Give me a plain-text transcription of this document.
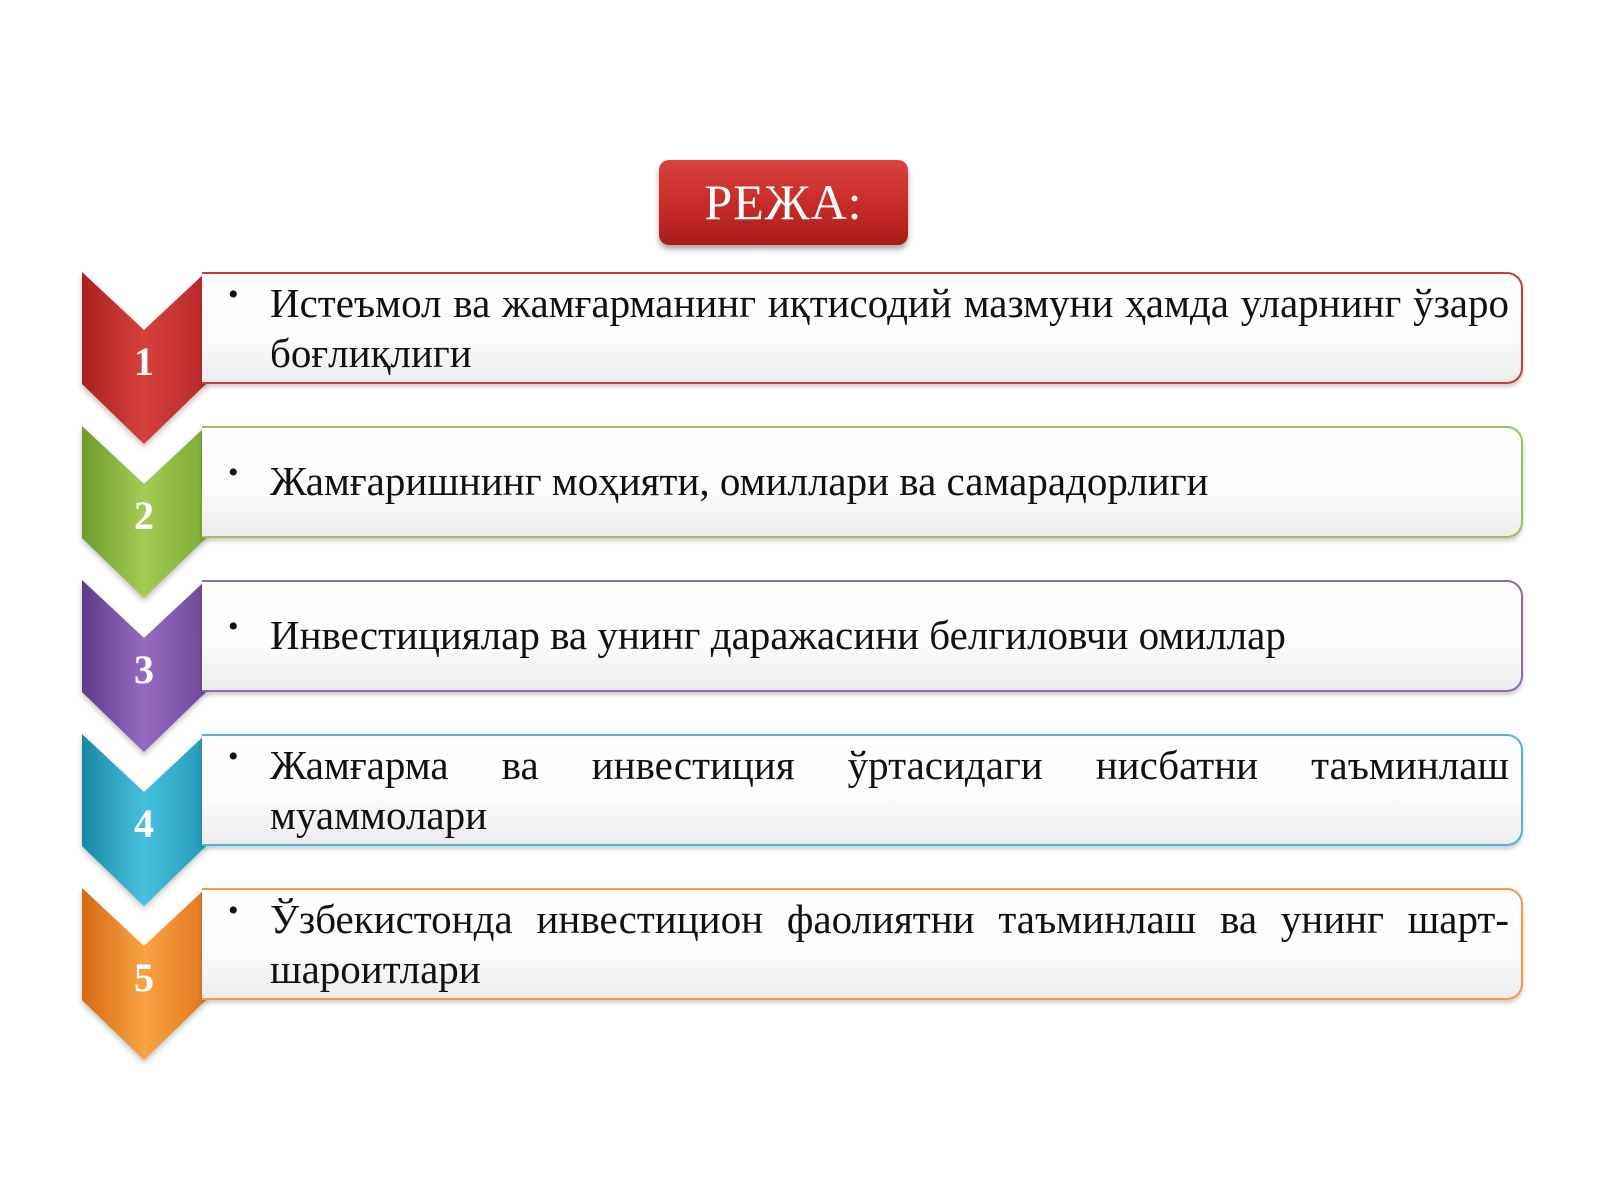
РЕЖА:
1
• Истеъмол ва жамғарманинг иқтисодий мазмуни ҳамда уларнинг ўзаро боғлиқлиги
2
• Жамғаришнинг моҳияти, омиллари ва самарадорлиги
3
• Инвестициялар ва унинг даражасини белгиловчи омиллар
4
• Жамғарма ва инвестиция ўртасидаги нисбатни таъминлаш муаммолари
5
• Ўзбекистонда инвестицион фаолиятни таъминлаш ва унинг шарт-шароитлари
